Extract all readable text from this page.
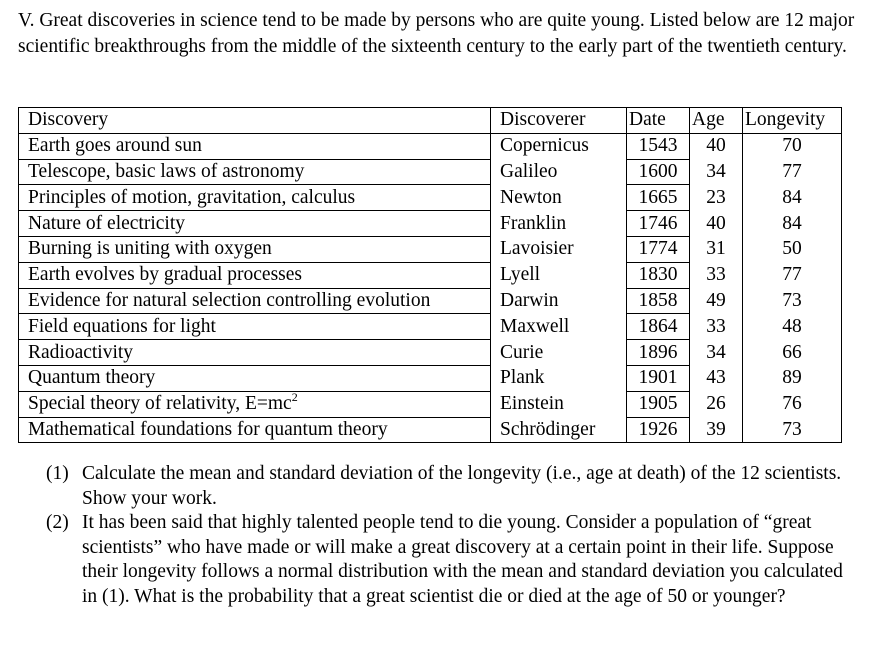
V. Great discoveries in science tend to be made by persons who are quite young. Listed below are 12 major scientific breakthroughs from the middle of the sixteenth century to the early part of the twentieth century.

Discovery	Discoverer	Date	Age	Longevity
Earth goes around sun	Copernicus	1543	40	70
Telescope, basic laws of astronomy	Galileo	1600	34	77
Principles of motion, gravitation, calculus	Newton	1665	23	84
Nature of electricity	Franklin	1746	40	84
Burning is uniting with oxygen	Lavoisier	1774	31	50
Earth evolves by gradual processes	Lyell	1830	33	77
Evidence for natural selection controlling evolution	Darwin	1858	49	73
Field equations for light	Maxwell	1864	33	48
Radioactivity	Curie	1896	34	66
Quantum theory	Plank	1901	43	89
Special theory of relativity, $E=mc^2$	Einstein	1905	26	76
Mathematical foundations for quantum theory	Schrödinger	1926	39	73
(1) Calculate the mean and standard deviation of the longevity (i.e., age at death) of the 12 scientists. Show your work.
(2) It has been said that highly talented people tend to die young. Consider a population of “great scientists” who have made or will make a great discovery at a certain point in their life. Suppose their longevity follows a normal distribution with the mean and standard deviation you calculated in (1). What is the probability that a great scientist die or died at the age of 50 or younger?
